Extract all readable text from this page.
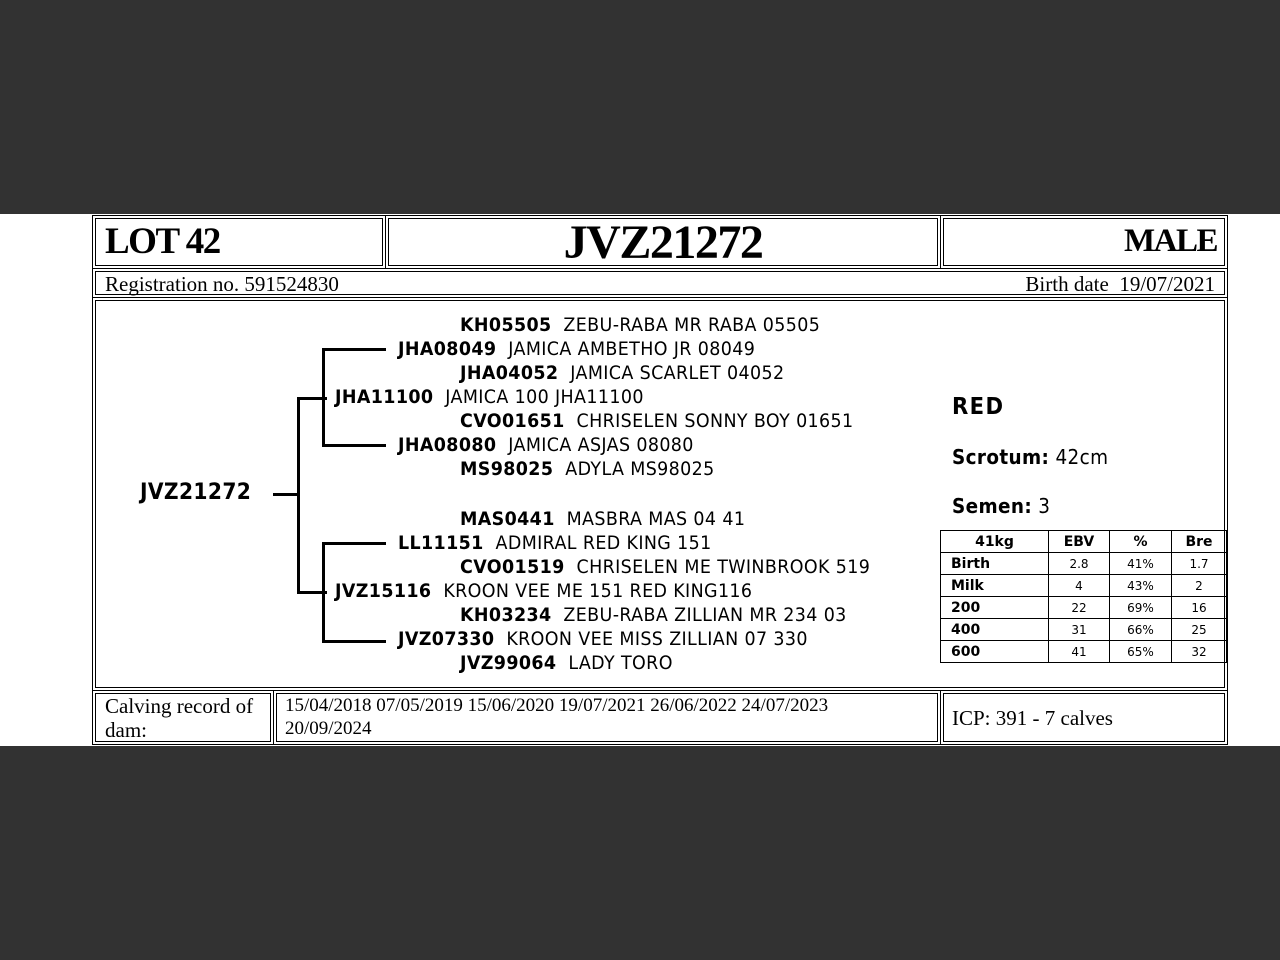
LOT 42	JVZ21272	MALE
Registration no. 591524830	Birth date 19/07/2021
JVZ21272
KH05505 ZEBU-RABA MR RABA 05505
JHA08049 JAMICA AMBETHO JR 08049
JHA04052  JAMICA SCARLET 04052
JHA11100 JAMICA 100 JHA11100
CVO01651 CHRISELEN SONNY BOY 01651
JHA08080 JAMICA ASJAS 08080
MS98025 ADYLA MS98025
MAS0441 MASBRA MAS 04 41
LL11151 ADMIRAL RED KING 151
CVO01519 CHRISELEN ME TWINBROOK 519
JVZ15116 KROON VEE ME 151 RED KING116
KH03234 ZEBU-RABA ZILLIAN MR 234 03
JVZ07330 KROON VEE MISS ZILLIAN 07 330
JVZ99064 LADY TORO
RED
Scrotum: 42cm
Semen: 3
41kg	EBV	%	Bre
Birth	2.8	41%	1.7
Milk	4	43%	2
200	22	69%	16
400	31	66%	25
600	41	65%	32
Calving record of dam:
15/04/2018 07/05/2019 15/06/2020 19/07/2021 26/06/2022 24/07/2023 20/09/2024	ICP: 391 - 7 calves
